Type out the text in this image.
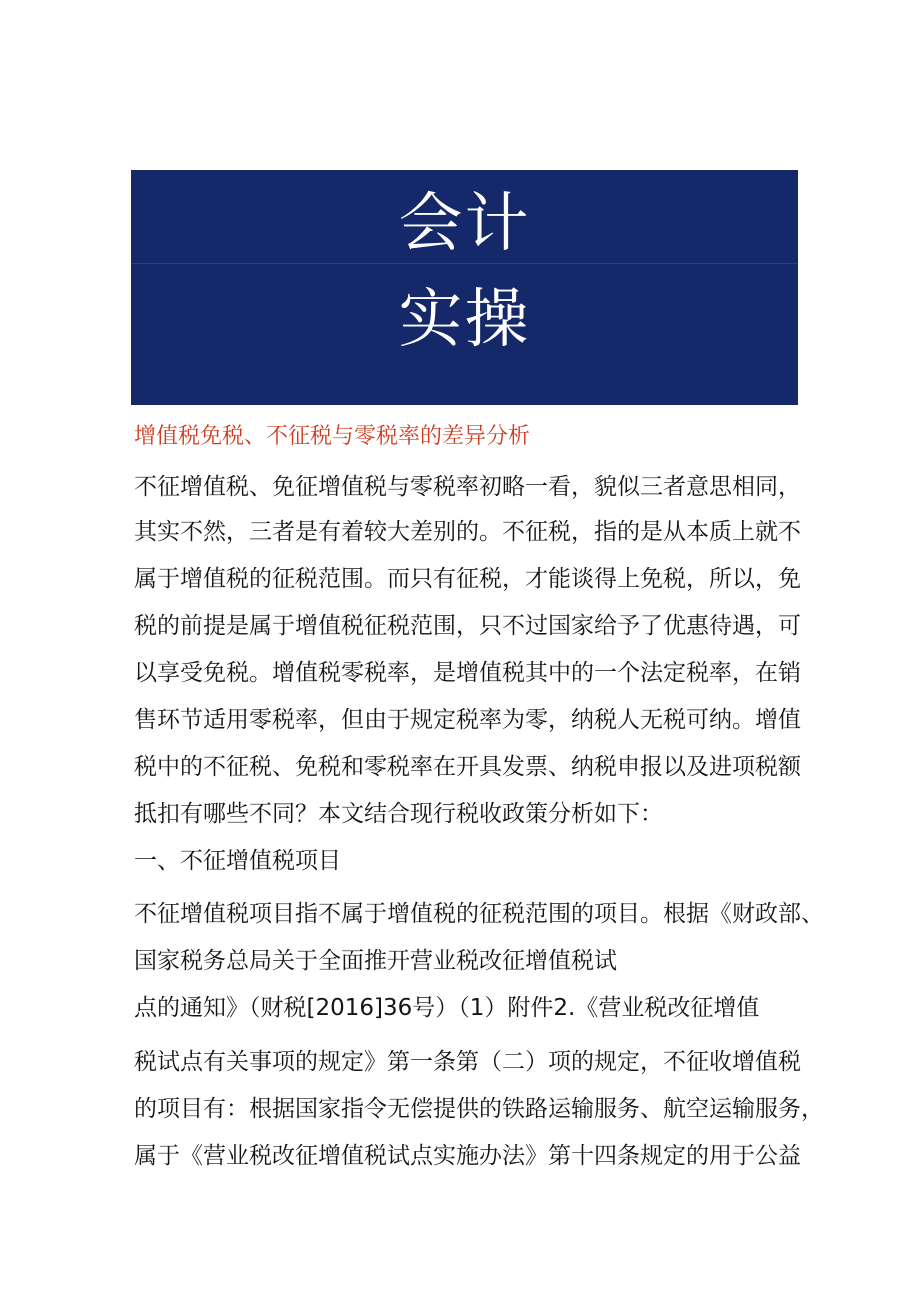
会计
实操
增值税免税、不征税与零税率的差异分析
不征增值税、免征增值税与零税率初略一看，貌似三者意思相同，
其实不然，三者是有着较大差别的。不征税，指的是从本质上就不
属于增值税的征税范围。而只有征税，才能谈得上免税，所以，免
税的前提是属于增值税征税范围，只不过国家给予了优惠待遇，可
以享受免税。增值税零税率，是增值税其中的一个法定税率，在销
售环节适用零税率，但由于规定税率为零，纳税人无税可纳。增值
税中的不征税、免税和零税率在开具发票、纳税申报以及进项税额
抵扣有哪些不同？本文结合现行税收政策分析如下：
一、不征增值税项目
不征增值税项目指不属于增值税的征税范围的项目。根据《财政部、
国家税务总局关于全面推开营业税改征增值税试
点的通知》（财税[2016]36号）（1）附件2.《营业税改征增值
税试点有关事项的规定》第一条第（二）项的规定，不征收增值税
的项目有：根据国家指令无偿提供的铁路运输服务、航空运输服务，
属于《营业税改征增值税试点实施办法》第十四条规定的用于公益
